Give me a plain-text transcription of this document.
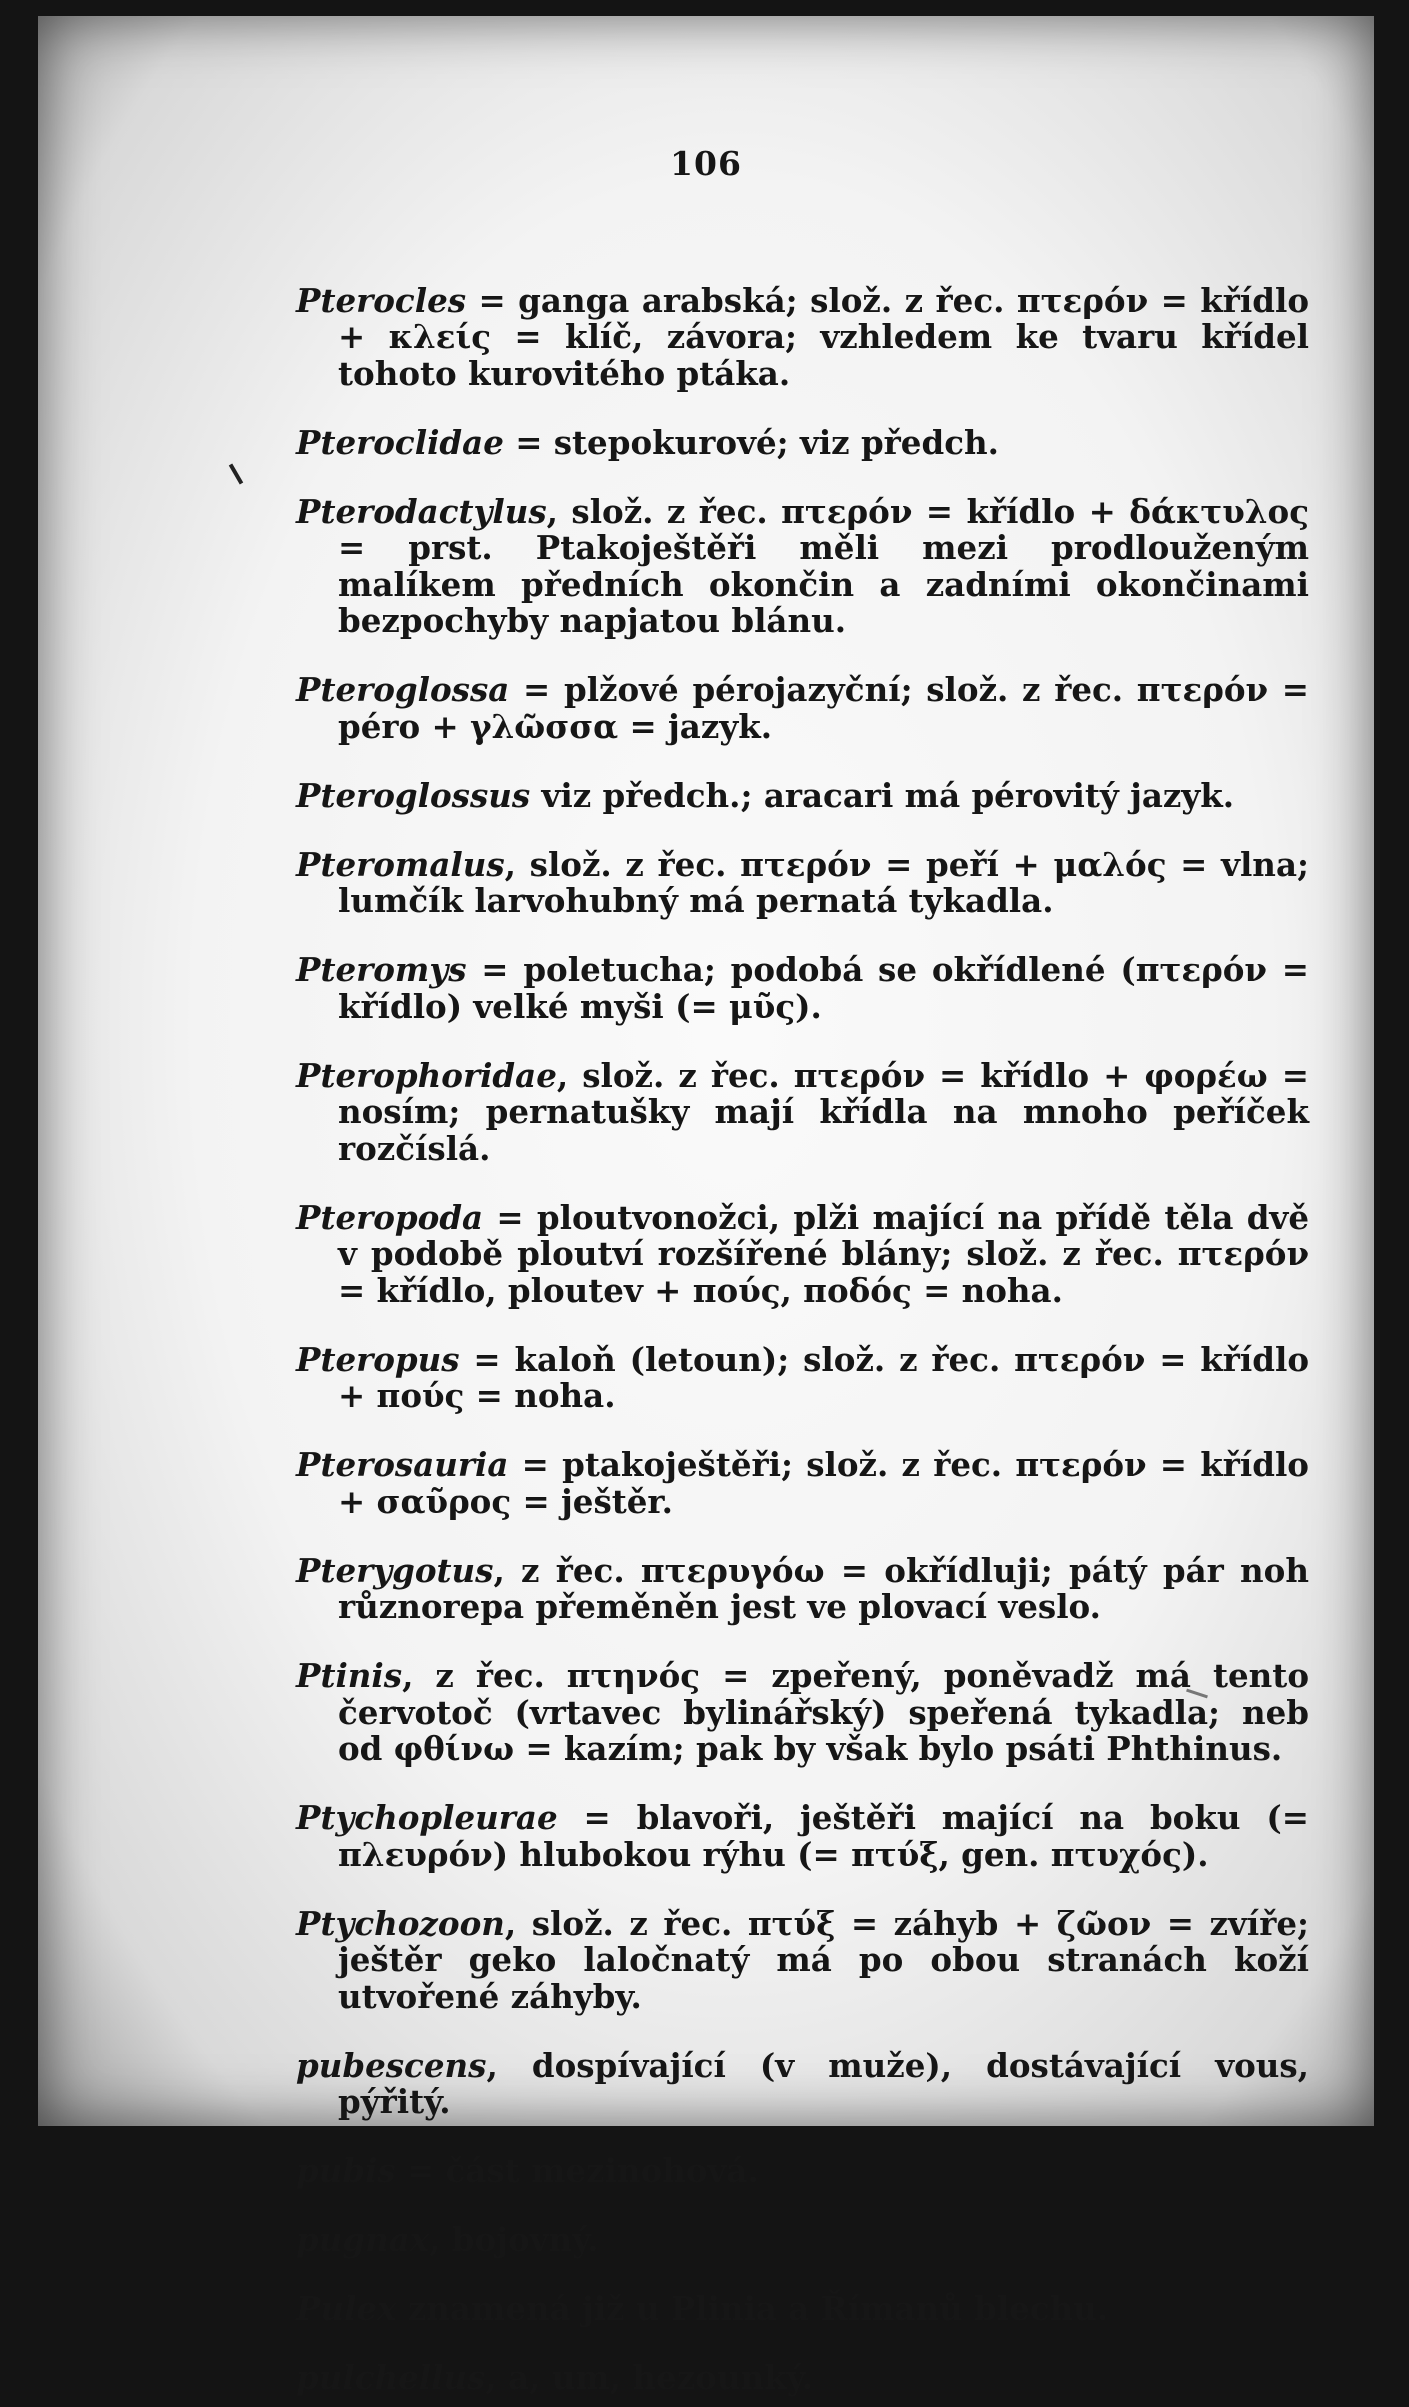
106

Pterocles = ganga arabská; slož. z řec. πτερόν = křídlo + κλείς = klíč, závora; vzhledem ke tvaru křídel tohoto kurovitého ptáka.

Pteroclidae = stepokurové; viz předch.

Pterodactylus, slož. z řec. πτερόν = křídlo + δάκτυλος = prst. Ptakoještěři měli mezi prodlouženým malíkem předních okončin a zadními okončinami bezpochyby napjatou blánu.

Pteroglossa = plžové pérojazyční; slož. z řec. πτερόν = péro + γλῶσσα = jazyk.

Pteroglossus viz předch.; aracari má pérovitý jazyk.

Pteromalus, slož. z řec. πτερόν = peří + μαλός = vlna; lumčík larvohubný má pernatá tykadla.

Pteromys = poletucha; podobá se okřídlené (πτερόν = křídlo) velké myši (= μῦς).

Pterophoridae, slož. z řec. πτερόν = křídlo + φορέω = nosím; pernatušky mají křídla na mnoho peříček rozčíslá.

Pteropoda = ploutvonožci, plži mající na přídě těla dvě v podobě ploutví rozšířené blány; slož. z řec. πτερόν = křídlo, ploutev + πούς, ποδός = noha.

Pteropus = kaloň (letoun); slož. z řec. πτερόν = křídlo + πούς = noha.

Pterosauria = ptakoještěři; slož. z řec. πτερόν = křídlo + σαῦρος = ještěr.

Pterygotus, z řec. πτερυγόω = okřídluji; pátý pár noh různorepa přeměněn jest ve plovací veslo.

Ptinis, z řec. πτηνός = zpeřený, poněvadž má tento červotoč (vrtavec bylinářský) speřená tykadla; neb od φθίνω = kazím; pak by však bylo psáti Phthinus.

Ptychopleurae = blavoři, ještěři mající na boku (= πλευρόν) hlubokou rýhu (= πτύξ, gen. πτυχός).

Ptychozoon, slož. z řec. πτύξ = záhyb + ζῶον = zvíře; ještěr geko laločnatý má po obou stranách koží utvořené záhyby.

pubescens, dospívající (v muže), dostávající vous, pýřitý.

pubis = část mezinohová.

pugnax, bojovný.

Pulex znamená již u Plinia a Římanů blechu.

pulchellus, a, um, hezounký.
